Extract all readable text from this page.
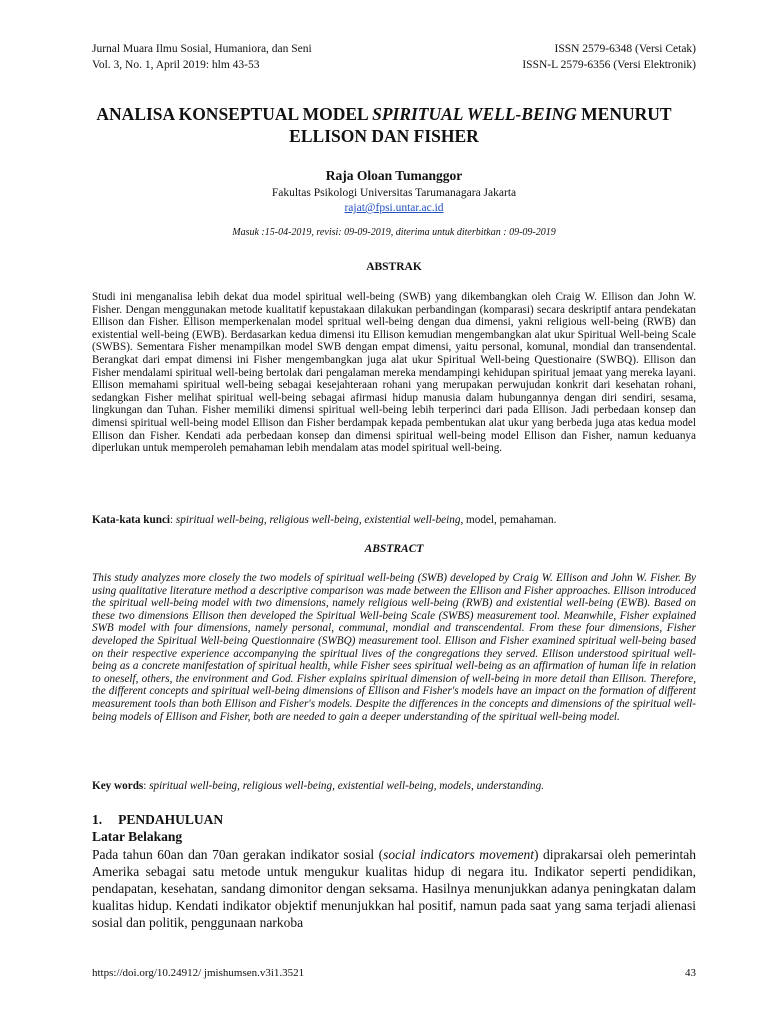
Jurnal Muara Ilmu Sosial, Humaniora, dan Seni	ISSN 2579-6348 (Versi Cetak)
Vol. 3, No. 1, April 2019: hlm 43-53	ISSN-L 2579-6356 (Versi Elektronik)
ANALISA KONSEPTUAL MODEL SPIRITUAL WELL-BEING MENURUT
ELLISON DAN FISHER
Raja Oloan Tumanggor
Fakultas Psikologi Universitas Tarumanagara Jakarta
rajat@fpsi.untar.ac.id
Masuk :15-04-2019, revisi: 09-09-2019, diterima untuk diterbitkan : 09-09-2019
ABSTRAK
Studi ini menganalisa lebih dekat dua model spiritual well-being (SWB) yang dikembangkan oleh Craig W. Ellison dan John W. Fisher. Dengan menggunakan metode kualitatif kepustakaan dilakukan perbandingan (komparasi) secara deskriptif antara pendekatan Ellison dan Fisher. Ellison memperkenalan model spritual well-being dengan dua dimensi, yakni religious well-being (RWB) dan existential well-being (EWB). Berdasarkan kedua dimensi itu Ellison kemudian mengembangkan alat ukur Spiritual Well-being Scale (SWBS). Sementara Fisher menampilkan model SWB dengan empat dimensi, yaitu personal, komunal, mondial dan transendental. Berangkat dari empat dimensi ini Fisher mengembangkan juga alat ukur Spiritual Well-being Questionaire (SWBQ). Ellison dan Fisher mendalami spiritual well-being bertolak dari pengalaman mereka mendampingi kehidupan spiritual jemaat yang mereka layani. Ellison memahami spiritual well-being sebagai kesejahteraan rohani yang merupakan perwujudan konkrit dari kesehatan rohani, sedangkan Fisher melihat spiritual well-being sebagai afirmasi hidup manusia dalam hubungannya dengan diri sendiri, sesama, lingkungan dan Tuhan. Fisher memiliki dimensi spiritual well-being lebih terperinci dari pada Ellison. Jadi perbedaan konsep dan dimensi spiritual well-being model Ellison dan Fisher berdampak kepada pembentukan alat ukur yang berbeda juga atas kedua model Ellison dan Fisher. Kendati ada perbedaan konsep dan dimensi spiritual well-being model Ellison dan Fisher, namun keduanya diperlukan untuk memperoleh pemahaman lebih mendalam atas model spiritual well-being.
Kata-kata kunci: spiritual well-being, religious well-being, existential well-being, model, pemahaman.
ABSTRACT
This study analyzes more closely the two models of spiritual well-being (SWB) developed by Craig W. Ellison and John W. Fisher. By using qualitative literature method a descriptive comparison was made between the Ellison and Fisher approaches. Ellison introduced the spiritual well-being model with two dimensions, namely religious well-being (RWB) and existential well-being (EWB). Based on these two dimensions Ellison then developed the Spiritual Well-being Scale (SWBS) measurement tool. Meanwhile, Fisher explained SWB model with four dimensions, namely personal, communal, mondial and transcendental. From these four dimensions, Fisher developed the Spiritual Well-being Questionnaire (SWBQ) measurement tool. Ellison and Fisher examined spiritual well-being based on their respective experience accompanying the spiritual lives of the congregations they served. Ellison understood spiritual well-being as a concrete manifestation of spiritual health, while Fisher sees spiritual well-being as an affirmation of human life in relation to oneself, others, the environment and God. Fisher explains spiritual dimension of well-being in more detail than Ellison. Therefore, the different concepts and spiritual well-being dimensions of Ellison and Fisher's models have an impact on the formation of different measurement tools than both Ellison and Fisher's models. Despite the differences in the concepts and dimensions of the spiritual well-being models of Ellison and Fisher, both are needed to gain a deeper understanding of the spiritual well-being model.
Key words: spiritual well-being, religious well-being, existential well-being, models, understanding.
1. PENDAHULUAN
Latar Belakang
Pada tahun 60an dan 70an gerakan indikator sosial (social indicators movement) diprakarsai oleh pemerintah Amerika sebagai satu metode untuk mengukur kualitas hidup di negara itu. Indikator seperti pendidikan, pendapatan, kesehatan, sandang dimonitor dengan seksama. Hasilnya menunjukkan adanya peningkatan dalam kualitas hidup. Kendati indikator objektif menunjukkan hal positif, namun pada saat yang sama terjadi alienasi sosial dan politik, penggunaan narkoba
https://doi.org/10.24912/ jmishumsen.v3i1.3521	43
